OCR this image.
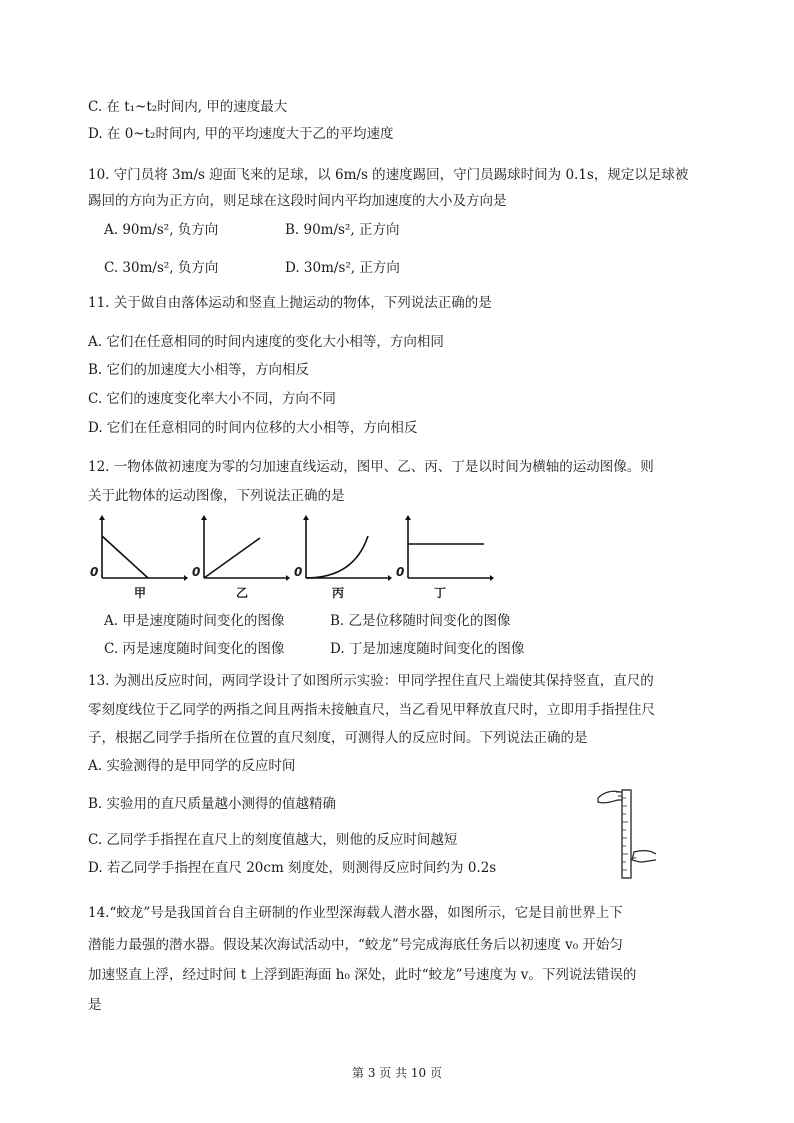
C. 在 t₁~t₂时间内, 甲的速度最大
D. 在 0~t₂时间内, 甲的平均速度大于乙的平均速度
10. 守门员将 3m/s 迎面飞来的足球，以 6m/s 的速度踢回，守门员踢球时间为 0.1s，规定以足球被
踢回的方向为正方向，则足球在这段时间内平均加速度的大小及方向是
A. 90m/s², 负方向	B. 90m/s², 正方向
C. 30m/s², 负方向	D. 30m/s², 正方向
11. 关于做自由落体运动和竖直上抛运动的物体，下列说法正确的是
A. 它们在任意相同的时间内速度的变化大小相等，方向相同
B. 它们的加速度大小相等，方向相反
C. 它们的速度变化率大小不同，方向不同
D. 它们在任意相同的时间内位移的大小相等，方向相反
12. 一物体做初速度为零的匀加速直线运动，图甲、乙、丙、丁是以时间为横轴的运动图像。则
关于此物体的运动图像，下列说法正确的是
0	0	0	0
甲	乙	丙	丁
A. 甲是速度随时间变化的图像	B. 乙是位移随时间变化的图像
C. 丙是速度随时间变化的图像	D. 丁是加速度随时间变化的图像
13. 为测出反应时间，两同学设计了如图所示实验：甲同学捏住直尺上端使其保持竖直，直尺的
零刻度线位于乙同学的两指之间且两指未接触直尺，当乙看见甲释放直尺时，立即用手指捏住尺
子，根据乙同学手指所在位置的直尺刻度，可测得人的反应时间。下列说法正确的是
A. 实验测得的是甲同学的反应时间
B. 实验用的直尺质量越小测得的值越精确
C. 乙同学手指捏在直尺上的刻度值越大，则他的反应时间越短
D. 若乙同学手指捏在直尺 20cm 刻度处，则测得反应时间约为 0.2s
14.“蛟龙”号是我国首台自主研制的作业型深海载人潜水器，如图所示，它是目前世界上下
潜能力最强的潜水器。假设某次海试活动中，“蛟龙”号完成海底任务后以初速度 v₀ 开始匀
加速竖直上浮，经过时间 t 上浮到距海面 h₀ 深处，此时“蛟龙”号速度为 v。下列说法错误的
是
第 3 页 共 10 页
